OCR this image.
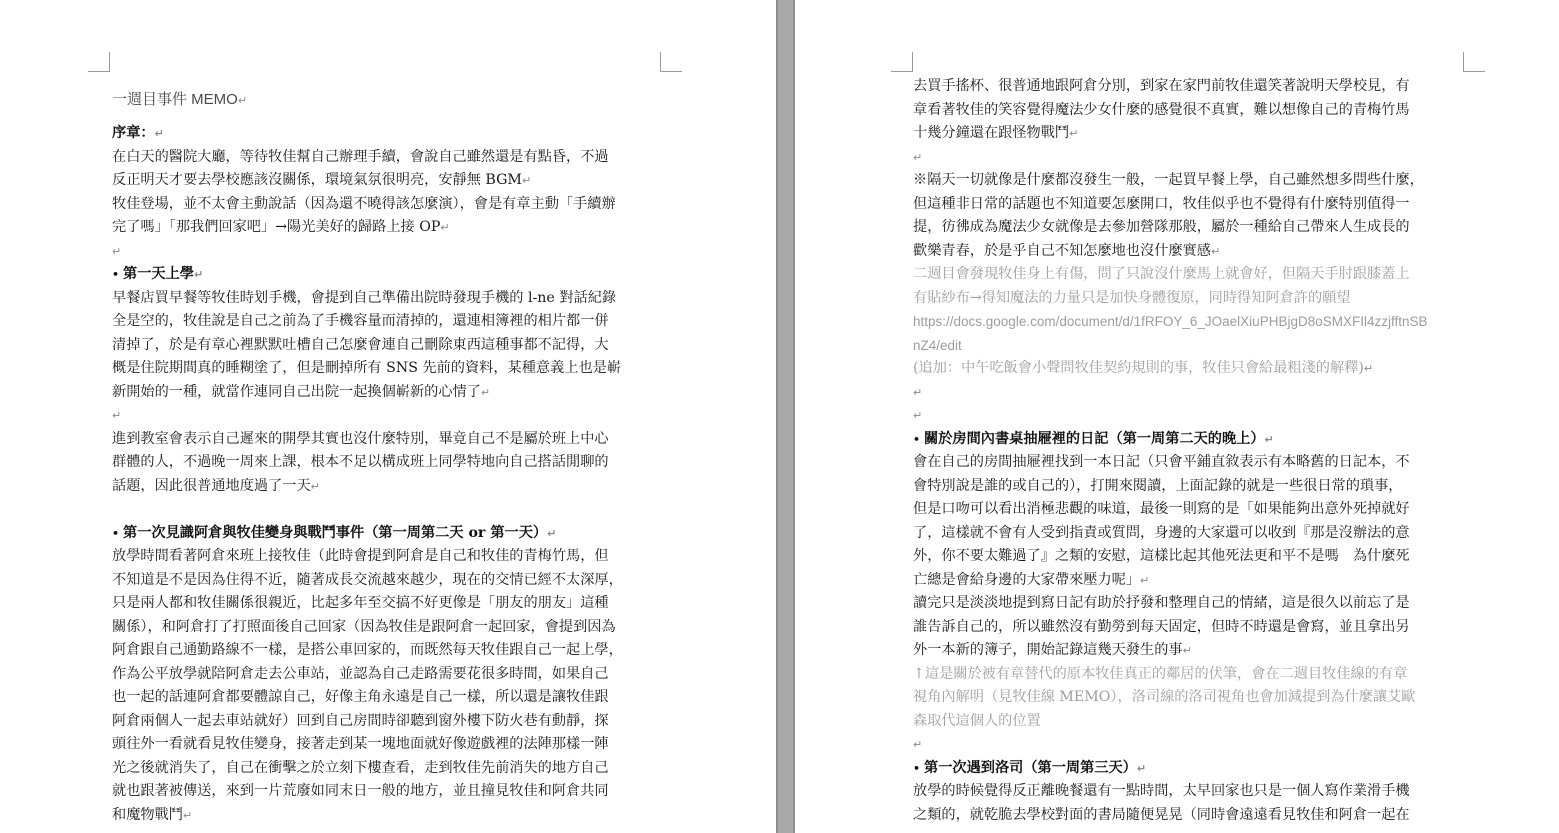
一週目事件 MEMO↵
序章：↵
在白天的醫院大廳，等待牧佳幫自己辦理手續，會說自己雖然還是有點昏，不過
反正明天才要去學校應該沒關係，環境氣氛很明亮，安靜無 BGM↵
牧佳登場，並不太會主動說話（因為還不曉得該怎麼演），會是有章主動「手續辦
完了嗎」「那我們回家吧」→陽光美好的歸路上接 OP↵
↵
• 第一天上學↵
早餐店買早餐等牧佳時划手機，會提到自己準備出院時發現手機的 l-ne 對話紀錄
全是空的，牧佳說是自己之前為了手機容量而清掉的，還連相簿裡的相片都一併
清掉了，於是有章心裡默默吐槽自己怎麼會連自己刪除東西這種事都不記得，大
概是住院期間真的睡糊塗了，但是刪掉所有 SNS 先前的資料，某種意義上也是嶄
新開始的一種，就當作連同自己出院一起換個嶄新的心情了↵
↵
進到教室會表示自己遲來的開學其實也沒什麼特別，畢竟自己不是屬於班上中心
群體的人，不過晚一周來上課，根本不足以構成班上同學特地向自己搭話閒聊的
話題，因此很普通地度過了一天↵
• 第一次見識阿倉與牧佳變身與戰鬥事件（第一周第二天 or 第一天）↵
放學時間看著阿倉來班上接牧佳（此時會提到阿倉是自己和牧佳的青梅竹馬，但
不知道是不是因為住得不近，隨著成長交流越來越少，現在的交情已經不太深厚，
只是兩人都和牧佳關係很親近，比起多年至交搞不好更像是「朋友的朋友」這種
關係），和阿倉打了打照面後自己回家（因為牧佳是跟阿倉一起回家，會提到因為
阿倉跟自己通勤路線不一樣，是搭公車回家的，而既然每天牧佳跟自己一起上學，
作為公平放學就陪阿倉走去公車站，並認為自己走路需要花很多時間，如果自己
也一起的話連阿倉都要體諒自己，好像主角永遠是自己一樣，所以還是讓牧佳跟
阿倉兩個人一起去車站就好）回到自己房間時卻聽到窗外樓下防火巷有動靜，探
頭往外一看就看見牧佳變身，接著走到某一塊地面就好像遊戲裡的法陣那樣一陣
光之後就消失了，自己在衝擊之於立刻下樓查看，走到牧佳先前消失的地方自己
就也跟著被傳送，來到一片荒廢如同末日一般的地方，並且撞見牧佳和阿倉共同
和魔物戰鬥↵
去買手搖杯、很普通地跟阿倉分別，到家在家門前牧佳還笑著說明天學校見，有
章看著牧佳的笑容覺得魔法少女什麼的感覺很不真實，難以想像自己的青梅竹馬
十幾分鐘還在跟怪物戰鬥↵
↵
※隔天一切就像是什麼都沒發生一般，一起買早餐上學，自己雖然想多問些什麼，
但這種非日常的話題也不知道要怎麼開口，牧佳似乎也不覺得有什麼特別值得一
提，彷彿成為魔法少女就像是去參加營隊那般，屬於一種給自己帶來人生成長的
歡樂青春，於是乎自己不知怎麼地也沒什麼實感↵
二週目會發現牧佳身上有傷，問了只說沒什麼馬上就會好，但隔天手肘跟膝蓋上
有貼紗布→得知魔法的力量只是加快身體復原，同時得知阿倉許的願望
https://docs.google.com/document/d/1fRFOY_6_JOaelXiuPHBjgD8oSMXFIl4zzjfftnSB
nZ4/edit
(追加：中午吃飯會小聲問牧佳契約規則的事，牧佳只會給最粗淺的解釋)↵
↵
↵
• 關於房間內書桌抽屜裡的日記（第一周第二天的晚上）↵
會在自己的房間抽屜裡找到一本日記（只會平鋪直敘表示有本略舊的日記本，不
會特別說是誰的或自己的），打開來閱讀，上面記錄的就是一些很日常的瑣事，
但是口吻可以看出消極悲觀的味道，最後一則寫的是「如果能夠出意外死掉就好
了，這樣就不會有人受到指責或質問，身邊的大家還可以收到『那是沒辦法的意
外，你不要太難過了』之類的安慰，這樣比起其他死法更和平不是嗎　為什麼死
亡總是會給身邊的大家帶來壓力呢」↵
讀完只是淡淡地提到寫日記有助於抒發和整理自己的情緒，這是很久以前忘了是
誰告訴自己的，所以雖然沒有勤勞到每天固定，但時不時還是會寫，並且拿出另
外一本新的簿子，開始記錄這幾天發生的事↵
↑這是關於被有章替代的原本牧佳真正的鄰居的伏筆，會在二週目牧佳線的有章
視角內解明（見牧佳線 MEMO），洛司線的洛司視角也會加減提到為什麼讓艾歐
森取代這個人的位置
↵
• 第一次遇到洛司（第一周第三天）↵
放學的時候覺得反正離晚餐還有一點時間，太早回家也只是一個人寫作業滑手機
之類的，就乾脆去學校對面的書局隨便晃晃（同時會遠遠看見牧佳和阿倉一起在
